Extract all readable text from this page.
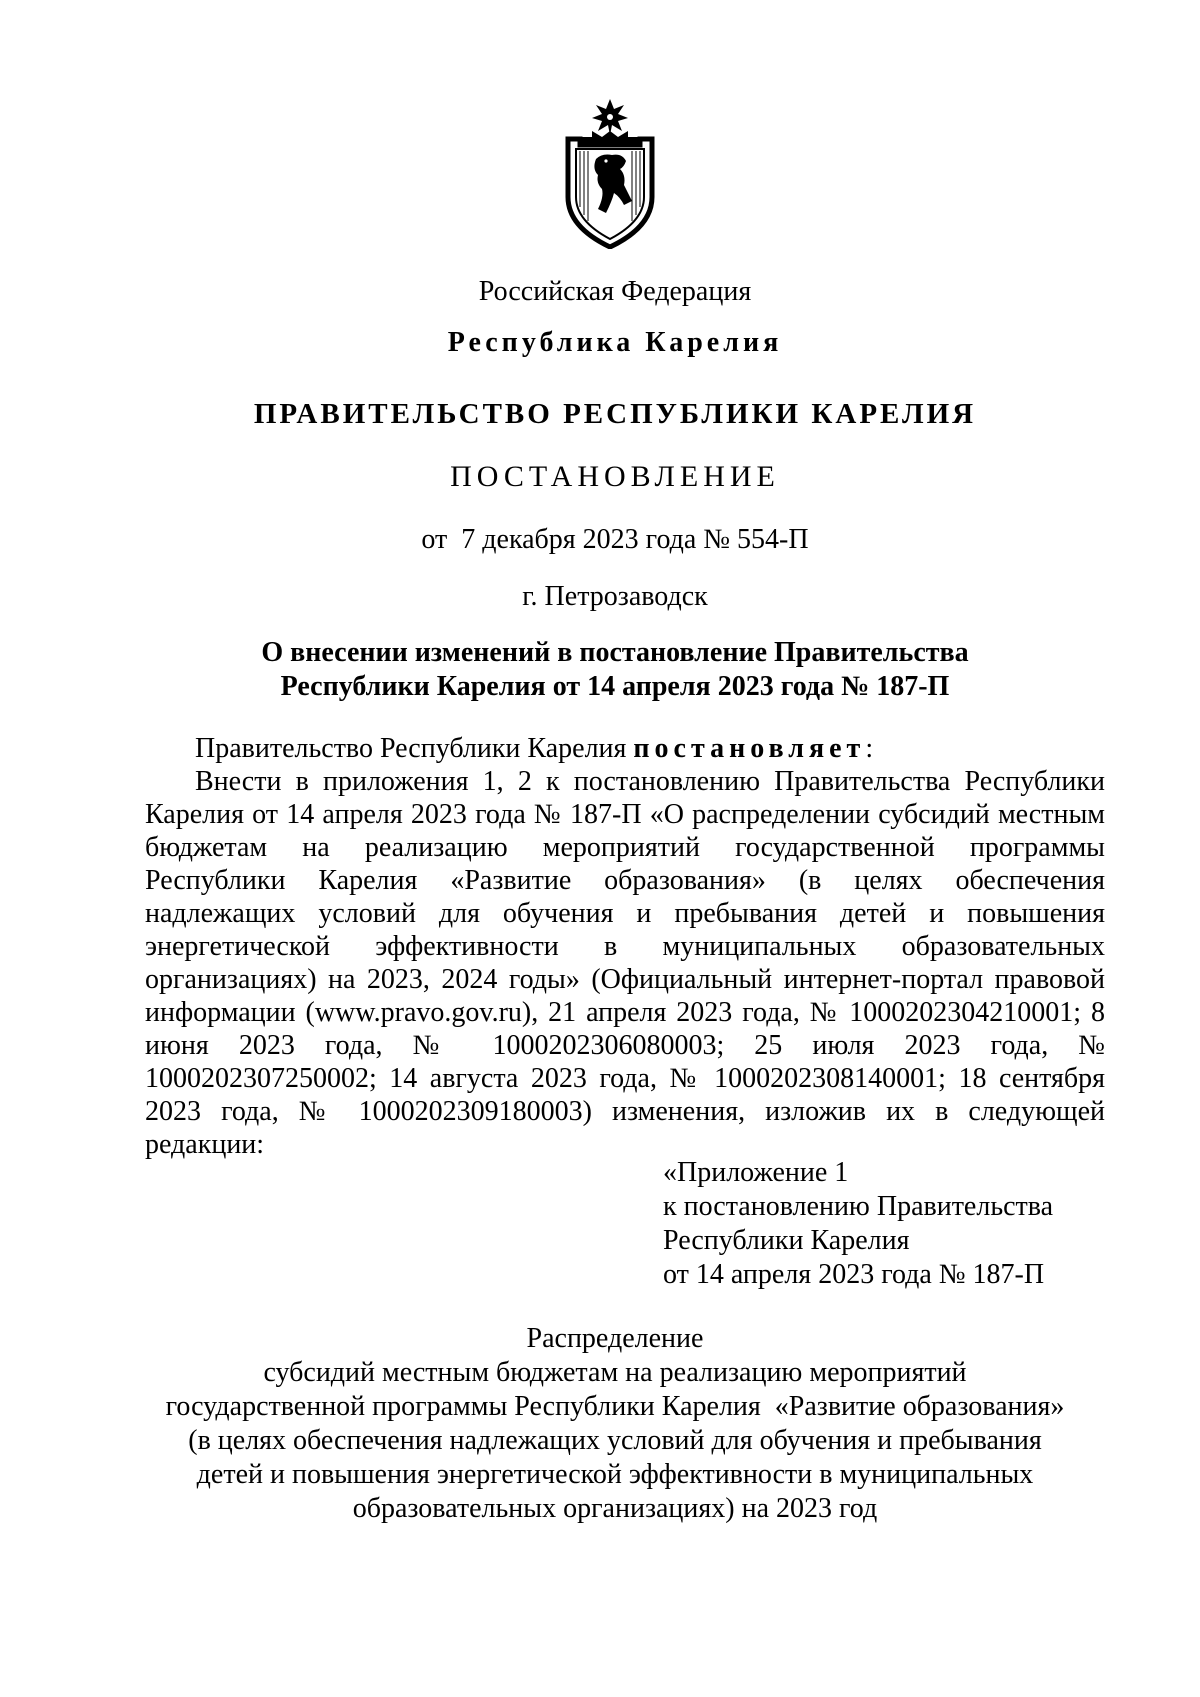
Российская Федерация
Республика Карелия
ПРАВИТЕЛЬСТВО РЕСПУБЛИКИ КАРЕЛИЯ
ПОСТАНОВЛЕНИЕ
от  7 декабря 2023 года № 554-П
г. Петрозаводск
О внесении изменений в постановление Правительства
Республики Карелия от 14 апреля 2023 года № 187-П
Правительство Республики Карелия постановляет:
Внести в приложения 1, 2 к постановлению Правительства Республики Карелия от 14 апреля 2023 года № 187-П «О распределении субсидий местным бюджетам на реализацию мероприятий государственной программы Республики Карелия «Развитие образования» (в целях обеспечения надлежащих условий для обучения и пребывания детей и повышения энергетической эффективности в муниципальных образовательных организациях) на 2023, 2024 годы» (Официальный интернет-портал правовой информации (www.pravo.gov.ru), 21 апреля 2023 года, № 1000202304210001; 8 июня 2023 года, № 1000202306080003; 25 июля 2023 года, № 1000202307250002; 14 августа 2023 года, № 1000202308140001; 18 сентября 2023 года, № 1000202309180003) изменения, изложив их в следующей редакции:
«Приложение 1
к постановлению Правительства
Республики Карелия
от 14 апреля 2023 года № 187-П
Распределение
субсидий местным бюджетам на реализацию мероприятий
государственной программы Республики Карелия  «Развитие образования»
(в целях обеспечения надлежащих условий для обучения и пребывания
детей и повышения энергетической эффективности в муниципальных
образовательных организациях) на 2023 год
